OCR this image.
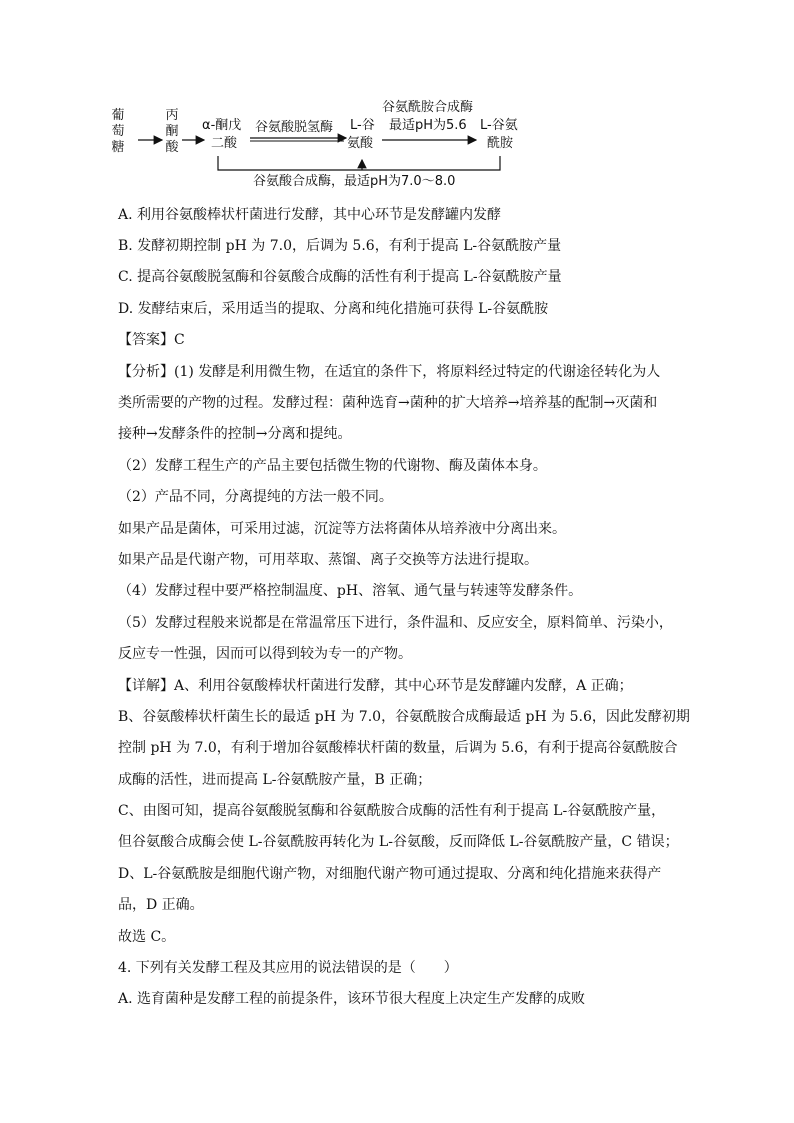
葡
萄
糖
丙
酮
酸
α-酮戊
二酸
谷氨酸脱氢酶 L-谷
氨酸
谷氨酰胺合成酶
最适pH为5.6 L-谷氨
酰胺
谷氨酸合成酶，最适pH为7.0～8.0
A. 利用谷氨酸棒状杆菌进行发酵，其中心环节是发酵罐内发酵
B. 发酵初期控制 pH 为 7.0，后调为 5.6，有利于提高 L-谷氨酰胺产量
C. 提高谷氨酸脱氢酶和谷氨酸合成酶的活性有利于提高 L-谷氨酰胺产量
D. 发酵结束后，采用适当的提取、分离和纯化措施可获得 L-谷氨酰胺
【答案】C
【分析】(1) 发酵是利用微生物，在适宜的条件下，将原料经过特定的代谢途径转化为人
类所需要的产物的过程。发酵过程：菌种选育→菌种的扩大培养→培养基的配制→灭菌和
接种→发酵条件的控制→分离和提纯。
（2）发酵工程生产的产品主要包括微生物的代谢物、酶及菌体本身。
（2）产品不同，分离提纯的方法一般不同。
如果产品是菌体，可采用过滤，沉淀等方法将菌体从培养液中分离出来。
如果产品是代谢产物，可用萃取、蒸馏、离子交换等方法进行提取。
（4）发酵过程中要严格控制温度、pH、溶氧、通气量与转速等发酵条件。
（5）发酵过程般来说都是在常温常压下进行，条件温和、反应安全，原料简单、污染小，
反应专一性强，因而可以得到较为专一的产物。
【详解】A、利用谷氨酸棒状杆菌进行发酵，其中心环节是发酵罐内发酵，A 正确；
B、谷氨酸棒状杆菌生长的最适 pH 为 7.0，谷氨酰胺合成酶最适 pH 为 5.6，因此发酵初期
控制 pH 为 7.0，有利于增加谷氨酸棒状杆菌的数量，后调为 5.6，有利于提高谷氨酰胺合
成酶的活性，进而提高 L-谷氨酰胺产量，B 正确；
C、由图可知，提高谷氨酸脱氢酶和谷氨酰胺合成酶的活性有利于提高 L-谷氨酰胺产量，
但谷氨酸合成酶会使 L-谷氨酰胺再转化为 L-谷氨酸，反而降低 L-谷氨酰胺产量，C 错误；
D、L-谷氨酰胺是细胞代谢产物，对细胞代谢产物可通过提取、分离和纯化措施来获得产
品，D 正确。
故选 C。
4. 下列有关发酵工程及其应用的说法错误的是（　　）
A. 选育菌种是发酵工程的前提条件，该环节很大程度上决定生产发酵的成败
